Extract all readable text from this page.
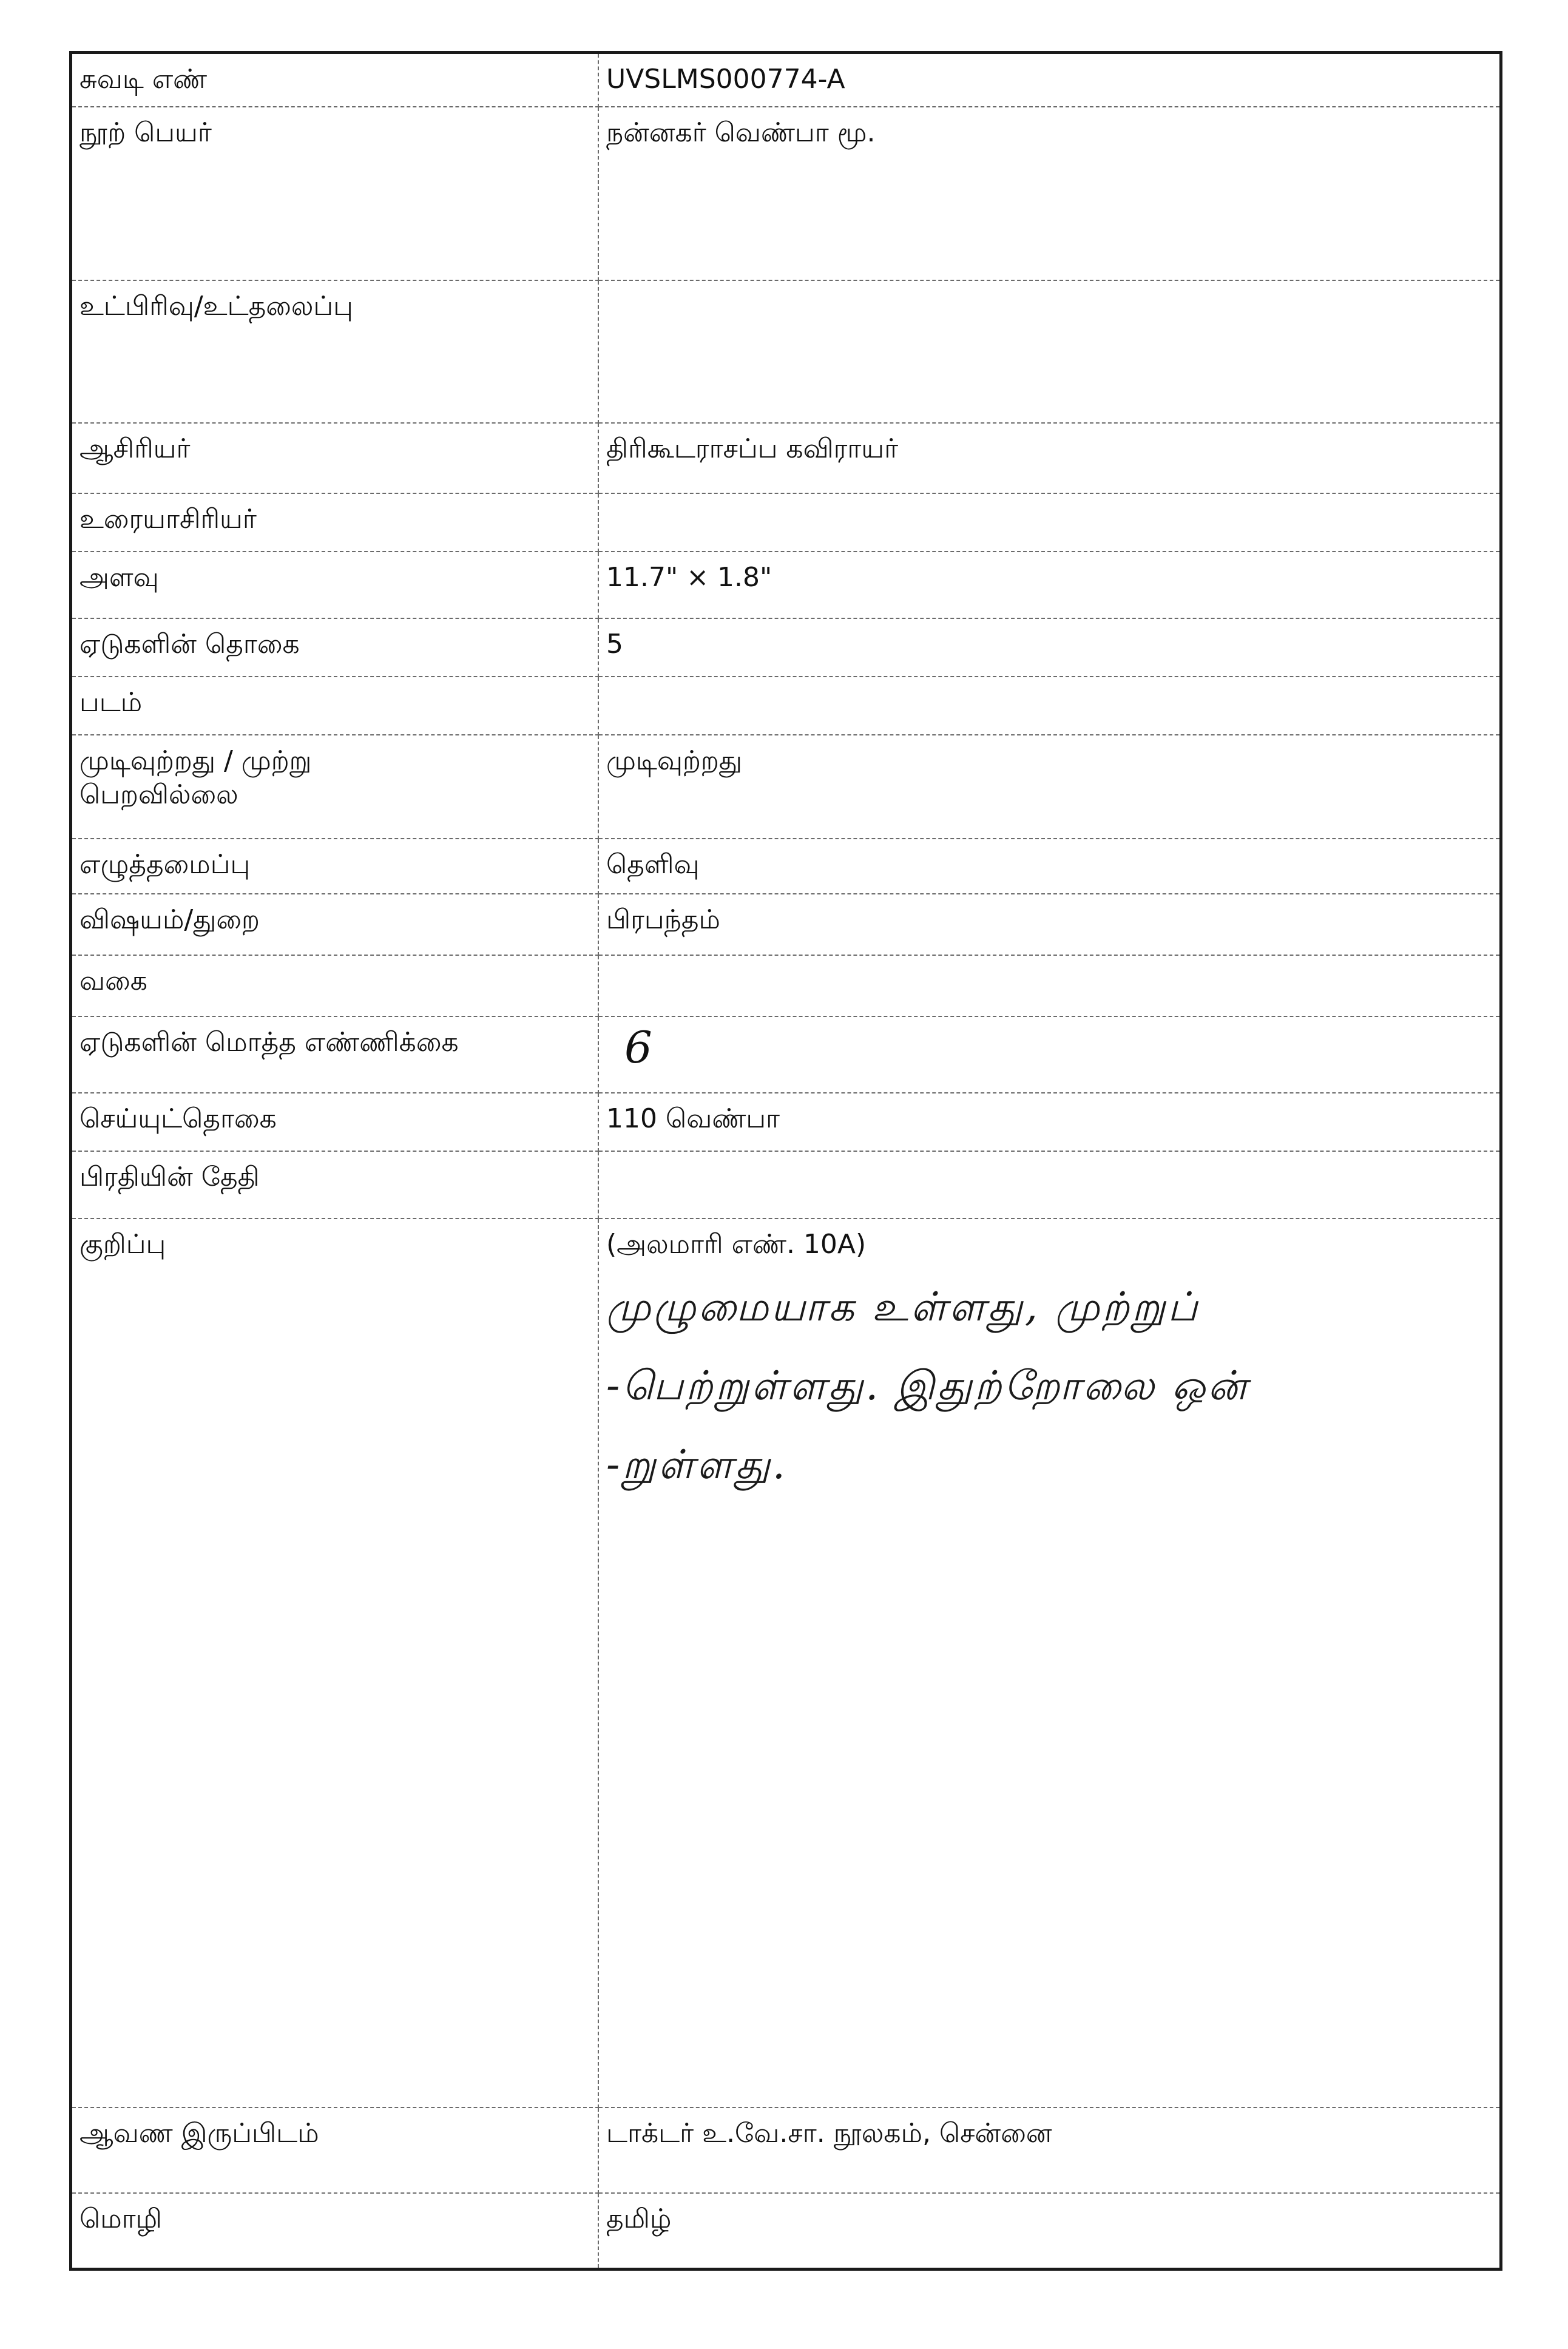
சுவடி எண்	UVSLMS000774-A
நூற் பெயர்	நன்னகர் வெண்பா மூ.
உட்பிரிவு/உட்தலைப்பு	
ஆசிரியர்	திரிகூடராசப்ப கவிராயர்
உரையாசிரியர்	
அளவு	11.7" × 1.8"
ஏடுகளின் தொகை	5
படம்	
முடிவுற்றது / முற்று
பெறவில்லை	முடிவுற்றது
எழுத்தமைப்பு	தெளிவு
விஷயம்/துறை	பிரபந்தம்
வகை	
ஏடுகளின் மொத்த எண்ணிக்கை	6
செய்யுட்தொகை	110 வெண்பா
பிரதியின் தேதி	
குறிப்பு	(அலமாரி எண். 10A)
முழுமையாக உள்ளது, முற்றுப்
-பெற்றுள்ளது. இதுற்றோலை ஒன்
-றுள்ளது.

ஆவண இருப்பிடம்	டாக்டர் உ.வே.சா. நூலகம், சென்னை
மொழி	தமிழ்
